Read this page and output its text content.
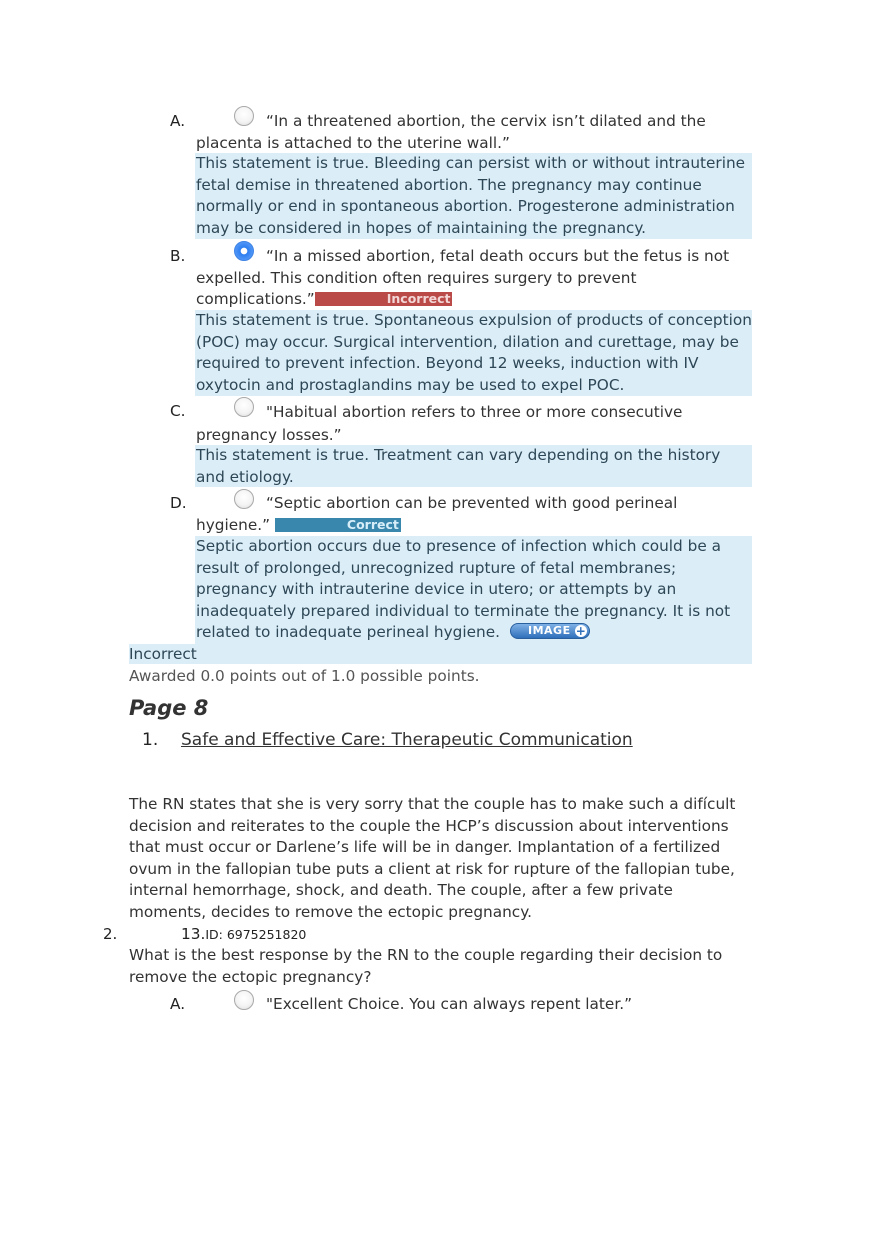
A.	“In a threatened abortion, the cervix isn’t dilated and the placenta is attached to the uterine wall.”
This statement is true. Bleeding can persist with or without intrauterine fetal demise in threatened abortion. The pregnancy may continue normally or end in spontaneous abortion. Progesterone administration may be considered in hopes of maintaining the pregnancy.
B.	“In a missed abortion, fetal death occurs but the fetus is not expelled. This condition often requires surgery to prevent complications.”	Incorrect
This statement is true. Spontaneous expulsion of products of conception (POC) may occur. Surgical intervention, dilation and curettage, may be required to prevent infection. Beyond 12 weeks, induction with IV oxytocin and prostaglandins may be used to expel POC.
C.	"Habitual abortion refers to three or more consecutive pregnancy losses.”
This statement is true. Treatment can vary depending on the history and etiology.
D.	“Septic abortion can be prevented with good perineal hygiene.”	Correct
Septic abortion occurs due to presence of infection which could be a result of prolonged, unrecognized rupture of fetal membranes; pregnancy with intrauterine device in utero; or attempts by an inadequately prepared individual to terminate the pregnancy. It is not related to inadequate perineal hygiene.	IMAGE +
Incorrect
Awarded 0.0 points out of 1.0 possible points.
Page 8
1. Safe and Effective Care: Therapeutic Communication
The RN states that she is very sorry that the couple has to make such a difícult decision and reiterates to the couple the HCP’s discussion about interventions that must occur or Darlene’s life will be in danger. Implantation of a fertilized ovum in the fallopian tube puts a client at risk for rupture of the fallopian tube, internal hemorrhage, shock, and death. The couple, after a few private moments, decides to remove the ectopic pregnancy.
2.	13.ID: 6975251820
What is the best response by the RN to the couple regarding their decision to remove the ectopic pregnancy?
A.	"Excellent Choice. You can always repent later.”
